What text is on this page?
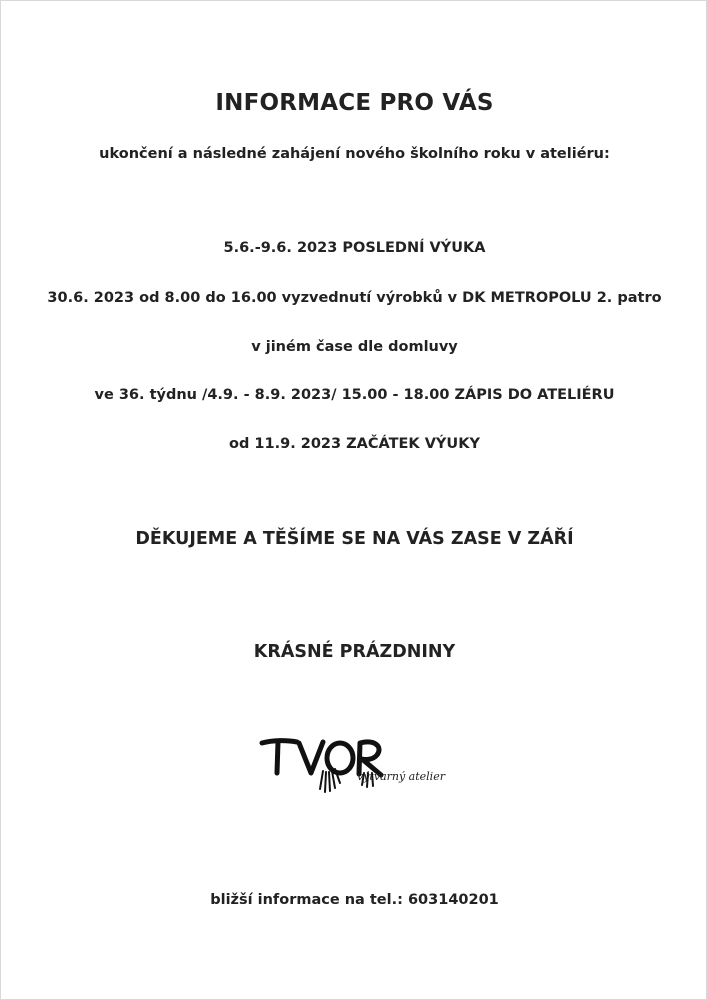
INFORMACE PRO VÁS
ukončení a následné zahájení nového školního roku v ateliéru:
5.6.-9.6. 2023 POSLEDNÍ VÝUKA
30.6. 2023 od 8.00 do 16.00 vyzvednutí výrobků v DK METROPOLU 2. patro
v jiném čase dle domluvy
ve 36. týdnu /4.9. - 8.9. 2023/ 15.00 - 18.00 ZÁPIS DO ATELIÉRU
od 11.9. 2023 ZAČÁTEK VÝUKY
DĚKUJEME A TĚŠÍME SE NA VÁS ZASE V ZÁŘÍ
KRÁSNÉ PRÁZDNINY
výtvarný atelier
bližší informace na tel.: 603140201
